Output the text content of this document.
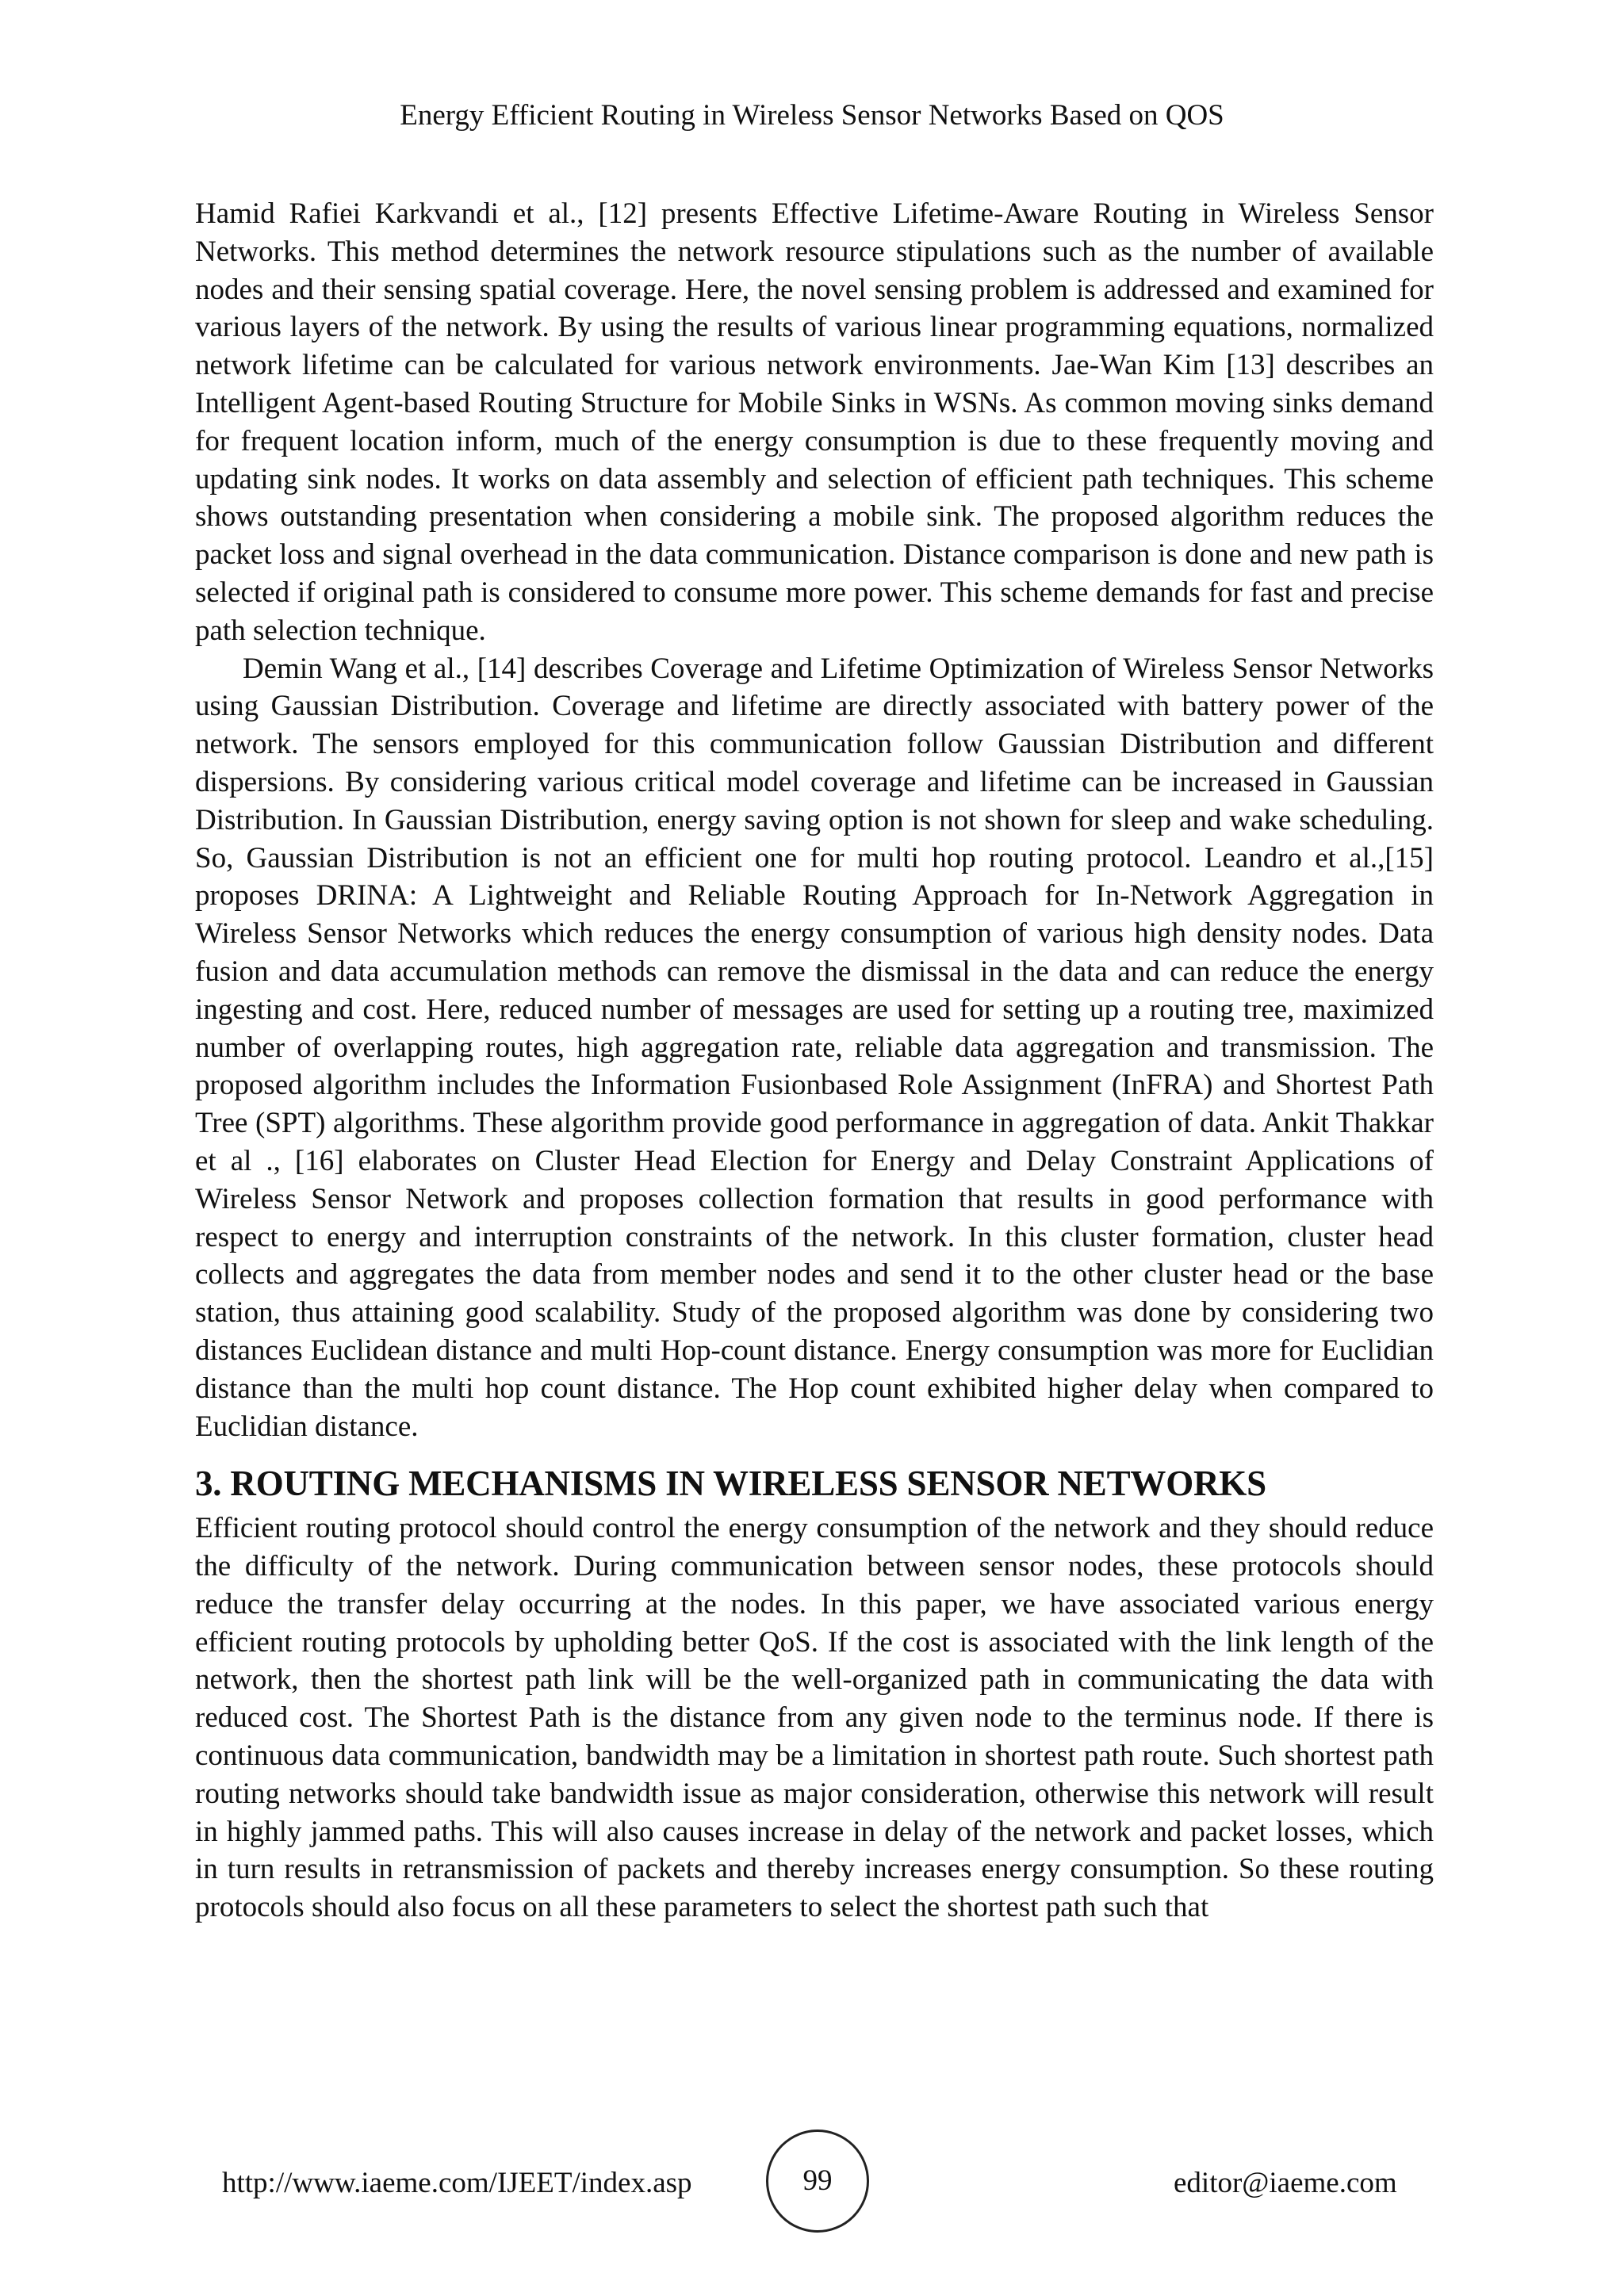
Energy Efficient Routing in Wireless Sensor Networks Based on QOS

Hamid Rafiei Karkvandi et al., [12] presents Effective Lifetime-Aware Routing in Wireless Sensor Networks. This method determines the network resource stipulations such as the number of available nodes and their sensing spatial coverage. Here, the novel sensing problem is addressed and examined for various layers of the network. By using the results of various linear programming equations, normalized network lifetime can be calculated for various network environments. Jae-Wan Kim [13] describes an Intelligent Agent-based Routing Structure for Mobile Sinks in WSNs. As common moving sinks demand for frequent location inform, much of the energy consumption is due to these frequently moving and updating sink nodes. It works on data assembly and selection of efficient path techniques. This scheme shows outstanding presentation when considering a mobile sink. The proposed algorithm reduces the packet loss and signal overhead in the data communication. Distance comparison is done and new path is selected if original path is considered to consume more power. This scheme demands for fast and precise path selection technique.

Demin Wang et al., [14] describes Coverage and Lifetime Optimization of Wireless Sensor Networks using Gaussian Distribution. Coverage and lifetime are directly associated with battery power of the network. The sensors employed for this communication follow Gaussian Distribution and different dispersions. By considering various critical model coverage and lifetime can be increased in Gaussian Distribution. In Gaussian Distribution, energy saving option is not shown for sleep and wake scheduling. So, Gaussian Distribution is not an efficient one for multi hop routing protocol. Leandro et al.,[15] proposes DRINA: A Lightweight and Reliable Routing Approach for In-Network Aggregation in Wireless Sensor Networks which reduces the energy consumption of various high density nodes. Data fusion and data accumulation methods can remove the dismissal in the data and can reduce the energy ingesting and cost. Here, reduced number of messages are used for setting up a routing tree, maximized number of overlapping routes, high aggregation rate, reliable data aggregation and transmission. The proposed algorithm includes the Information Fusionbased Role Assignment (InFRA) and Shortest Path Tree (SPT) algorithms. These algorithm provide good performance in aggregation of data. Ankit Thakkar et al ., [16] elaborates on Cluster Head Election for Energy and Delay Constraint Applications of Wireless Sensor Network and proposes collection formation that results in good performance with respect to energy and interruption constraints of the network. In this cluster formation, cluster head collects and aggregates the data from member nodes and send it to the other cluster head or the base station, thus attaining good scalability. Study of the proposed algorithm was done by considering two distances Euclidean distance and multi Hop-count distance. Energy consumption was more for Euclidian distance than the multi hop count distance. The Hop count exhibited higher delay when compared to Euclidian distance.

3. ROUTING MECHANISMS IN WIRELESS SENSOR NETWORKS

Efficient routing protocol should control the energy consumption of the network and they should reduce the difficulty of the network. During communication between sensor nodes, these protocols should reduce the transfer delay occurring at the nodes. In this paper, we have associated various energy efficient routing protocols by upholding better QoS. If the cost is associated with the link length of the network, then the shortest path link will be the well-organized path in communicating the data with reduced cost. The Shortest Path is the distance from any given node to the terminus node. If there is continuous data communication, bandwidth may be a limitation in shortest path route. Such shortest path routing networks should take bandwidth issue as major consideration, otherwise this network will result in highly jammed paths. This will also causes increase in delay of the network and packet losses, which in turn results in retransmission of packets and thereby increases energy consumption. So these routing protocols should also focus on all these parameters to select the shortest path such that

http://www.iaeme.com/IJEET/index.asp	99	editor@iaeme.com
